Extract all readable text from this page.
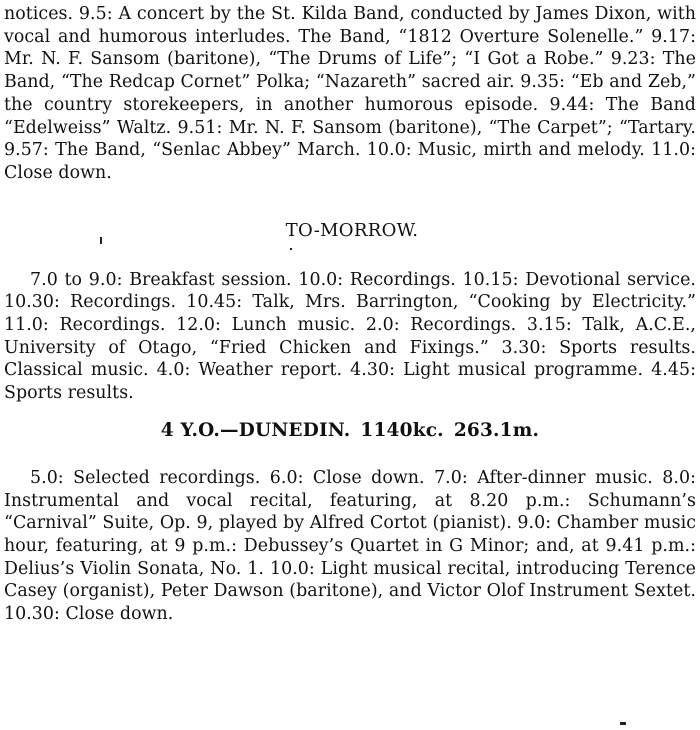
notices. 9.5: A concert by the St. Kilda Band, conducted by James Dixon, with vocal and humorous interludes. The Band, “1812 Overture Solenelle.” 9.17: Mr. N. F. Sansom (baritone), “The Drums of Life”; “I Got a Robe.” 9.23: The Band, “The Redcap Cornet” Polka; “Nazareth” sacred air. 9.35: “Eb and Zeb,” the country storekeepers, in another humorous episode. 9.44: The Band “Edelweiss” Waltz. 9.51: Mr. N. F. Sansom (baritone), “The Carpet”; “Tartary. 9.57: The Band, “Senlac Abbey” March. 10.0: Music, mirth and melody. 11.0: Close down.

TO-MORROW.

7.0 to 9.0: Breakfast session. 10.0: Recordings. 10.15: Devotional service. 10.30: Recordings. 10.45: Talk, Mrs. Barrington, “Cooking by Electricity.” 11.0: Recordings. 12.0: Lunch music. 2.0: Recordings. 3.15: Talk, A.C.E., University of Otago, “Fried Chicken and Fixings.” 3.30: Sports results. Classical music. 4.0: Weather report. 4.30: Light musical programme. 4.45: Sports results.

4 Y.O.—DUNEDIN. 1140kc. 263.1m.

5.0: Selected recordings. 6.0: Close down. 7.0: After-dinner music. 8.0: Instrumental and vocal recital, featuring, at 8.20 p.m.: Schumann’s “Carnival” Suite, Op. 9, played by Alfred Cortot (pianist). 9.0: Chamber music hour, featuring, at 9 p.m.: Debussey’s Quartet in G Minor; and, at 9.41 p.m.: Delius’s Violin Sonata, No. 1. 10.0: Light musical recital, introducing Terence Casey (organist), Peter Dawson (baritone), and Victor Olof Instrument Sextet. 10.30: Close down.
